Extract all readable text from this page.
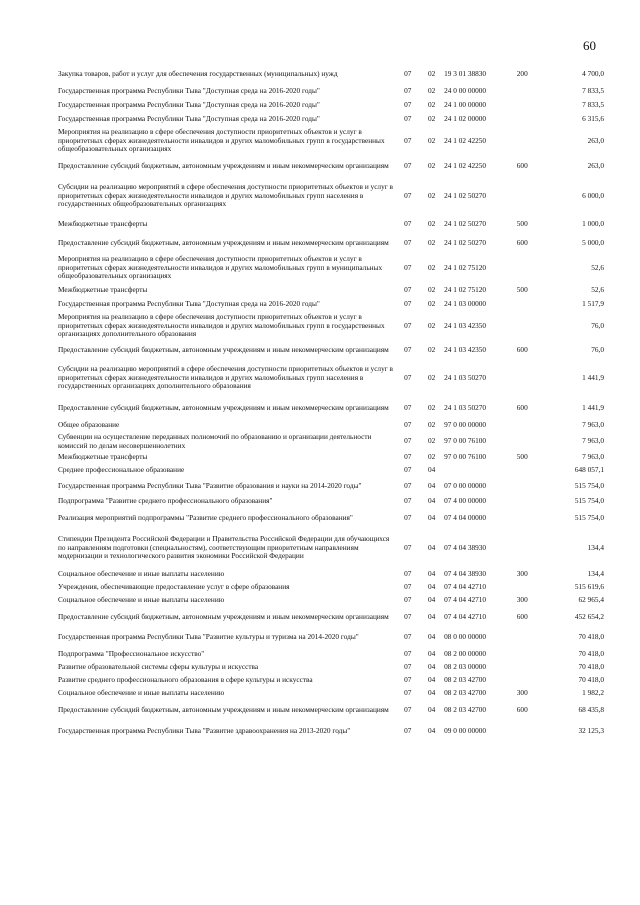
60
Закупка товаров, работ и услуг для обеспечения государственных (муниципальных) нужд	07	02	19 3 01 38830	200	4 700,0
Государственная программа Республики Тыва "Доступная среда на 2016-2020 годы"	07	02	24 0 00 00000		7 833,5
Государственная программа Республики Тыва "Доступная среда на 2016-2020 годы"	07	02	24 1 00 00000		7 833,5
Государственная программа Республики Тыва "Доступная среда на 2016-2020 годы"	07	02	24 1 02 00000		6 315,6
Мероприятия на реализацию в сфере обеспечения доступности приоритетных объектов и услуг в приоритетных сферах жизнедеятельности инвалидов и других маломобильных групп в государственных общеобразовательных организациях	07	02	24 1 02 42250		263,0
Предоставление субсидий бюджетным, автономным учреждениям и иным некоммерческим организациям	07	02	24 1 02 42250	600	263,0
Субсидии на реализацию мероприятий в сфере обеспечения доступности приоритетных объектов и услуг в приоритетных сферах жизнедеятельности инвалидов и других маломобильных групп населения в государственных общеобразовательных организациях	07	02	24 1 02 50270		6 000,0
Межбюджетные трансферты	07	02	24 1 02 50270	500	1 000,0
Предоставление субсидий бюджетным, автономным учреждениям и иным некоммерческим организациям	07	02	24 1 02 50270	600	5 000,0
Мероприятия на реализацию в сфере обеспечения доступности приоритетных объектов и услуг в приоритетных сферах жизнедеятельности инвалидов и других маломобильных групп в муниципальных общеобразовательных организациях	07	02	24 1 02 75120		52,6
Межбюджетные трансферты	07	02	24 1 02 75120	500	52,6
Государственная программа Республики Тыва "Доступная среда на 2016-2020 годы"	07	02	24 1 03 00000		1 517,9
Мероприятия на реализацию в сфере обеспечения доступности приоритетных объектов и услуг в приоритетных сферах жизнедеятельности инвалидов и других маломобильных групп в государственных организациях дополнительного образования	07	02	24 1 03 42350		76,0
Предоставление субсидий бюджетным, автономным учреждениям и иным некоммерческим организациям	07	02	24 1 03 42350	600	76,0
Субсидии на реализацию мероприятий в сфере обеспечения доступности приоритетных объектов и услуг в приоритетных сферах жизнедеятельности инвалидов и других маломобильных групп населения в государственных организациях дополнительного образования	07	02	24 1 03 50270		1 441,9
Предоставление субсидий бюджетным, автономным учреждениям и иным некоммерческим организациям	07	02	24 1 03 50270	600	1 441,9
Общее образование	07	02	97 0 00 00000		7 963,0
Субвенции на осуществление переданных полномочий по образованию и организации деятельности комиссий по делам несовершеннолетних	07	02	97 0 00 76100		7 963,0
Межбюджетные трансферты	07	02	97 0 00 76100	500	7 963,0
Среднее профессиональное образование	07	04			648 057,1
Государственная программа Республики Тыва "Развитие образования и науки на 2014-2020 годы"	07	04	07 0 00 00000		515 754,0
Подпрограмма "Развитие среднего профессионального образования"	07	04	07 4 00 00000		515 754,0
Реализация мероприятий подпрограммы "Развитие среднего профессионального образования"	07	04	07 4 04 00000		515 754,0
Стипендии Президента Российской Федерации и Правительства Российской Федерации для обучающихся по направлениям подготовки (специальностям), соответствующим приоритетным направлениям модернизации и технологического развития экономики Российской Федерации	07	04	07 4 04 38930		134,4
Социальное обеспечение и иные выплаты населению	07	04	07 4 04 38930	300	134,4
Учреждения, обеспечивающие предоставление услуг в сфере образования	07	04	07 4 04 42710		515 619,6
Социальное обеспечение и иные выплаты населению	07	04	07 4 04 42710	300	62 965,4
Предоставление субсидий бюджетным, автономным учреждениям и иным некоммерческим организациям	07	04	07 4 04 42710	600	452 654,2
Государственная программа Республики Тыва "Развитие культуры и туризма на 2014-2020 годы"	07	04	08 0 00 00000		70 418,0
Подпрограмма "Профессиональное искусство"	07	04	08 2 00 00000		70 418,0
Развитие образовательной системы сферы культуры и искусства	07	04	08 2 03 00000		70 418,0
Развитие среднего профессионального образования в сфере культуры и искусства	07	04	08 2 03 42700		70 418,0
Социальное обеспечение и иные выплаты населению	07	04	08 2 03 42700	300	1 982,2
Предоставление субсидий бюджетным, автономным учреждениям и иным некоммерческим организациям	07	04	08 2 03 42700	600	68 435,8
Государственная программа Республики Тыва "Развитие здравоохранения на 2013-2020 годы"	07	04	09 0 00 00000		32 125,3
